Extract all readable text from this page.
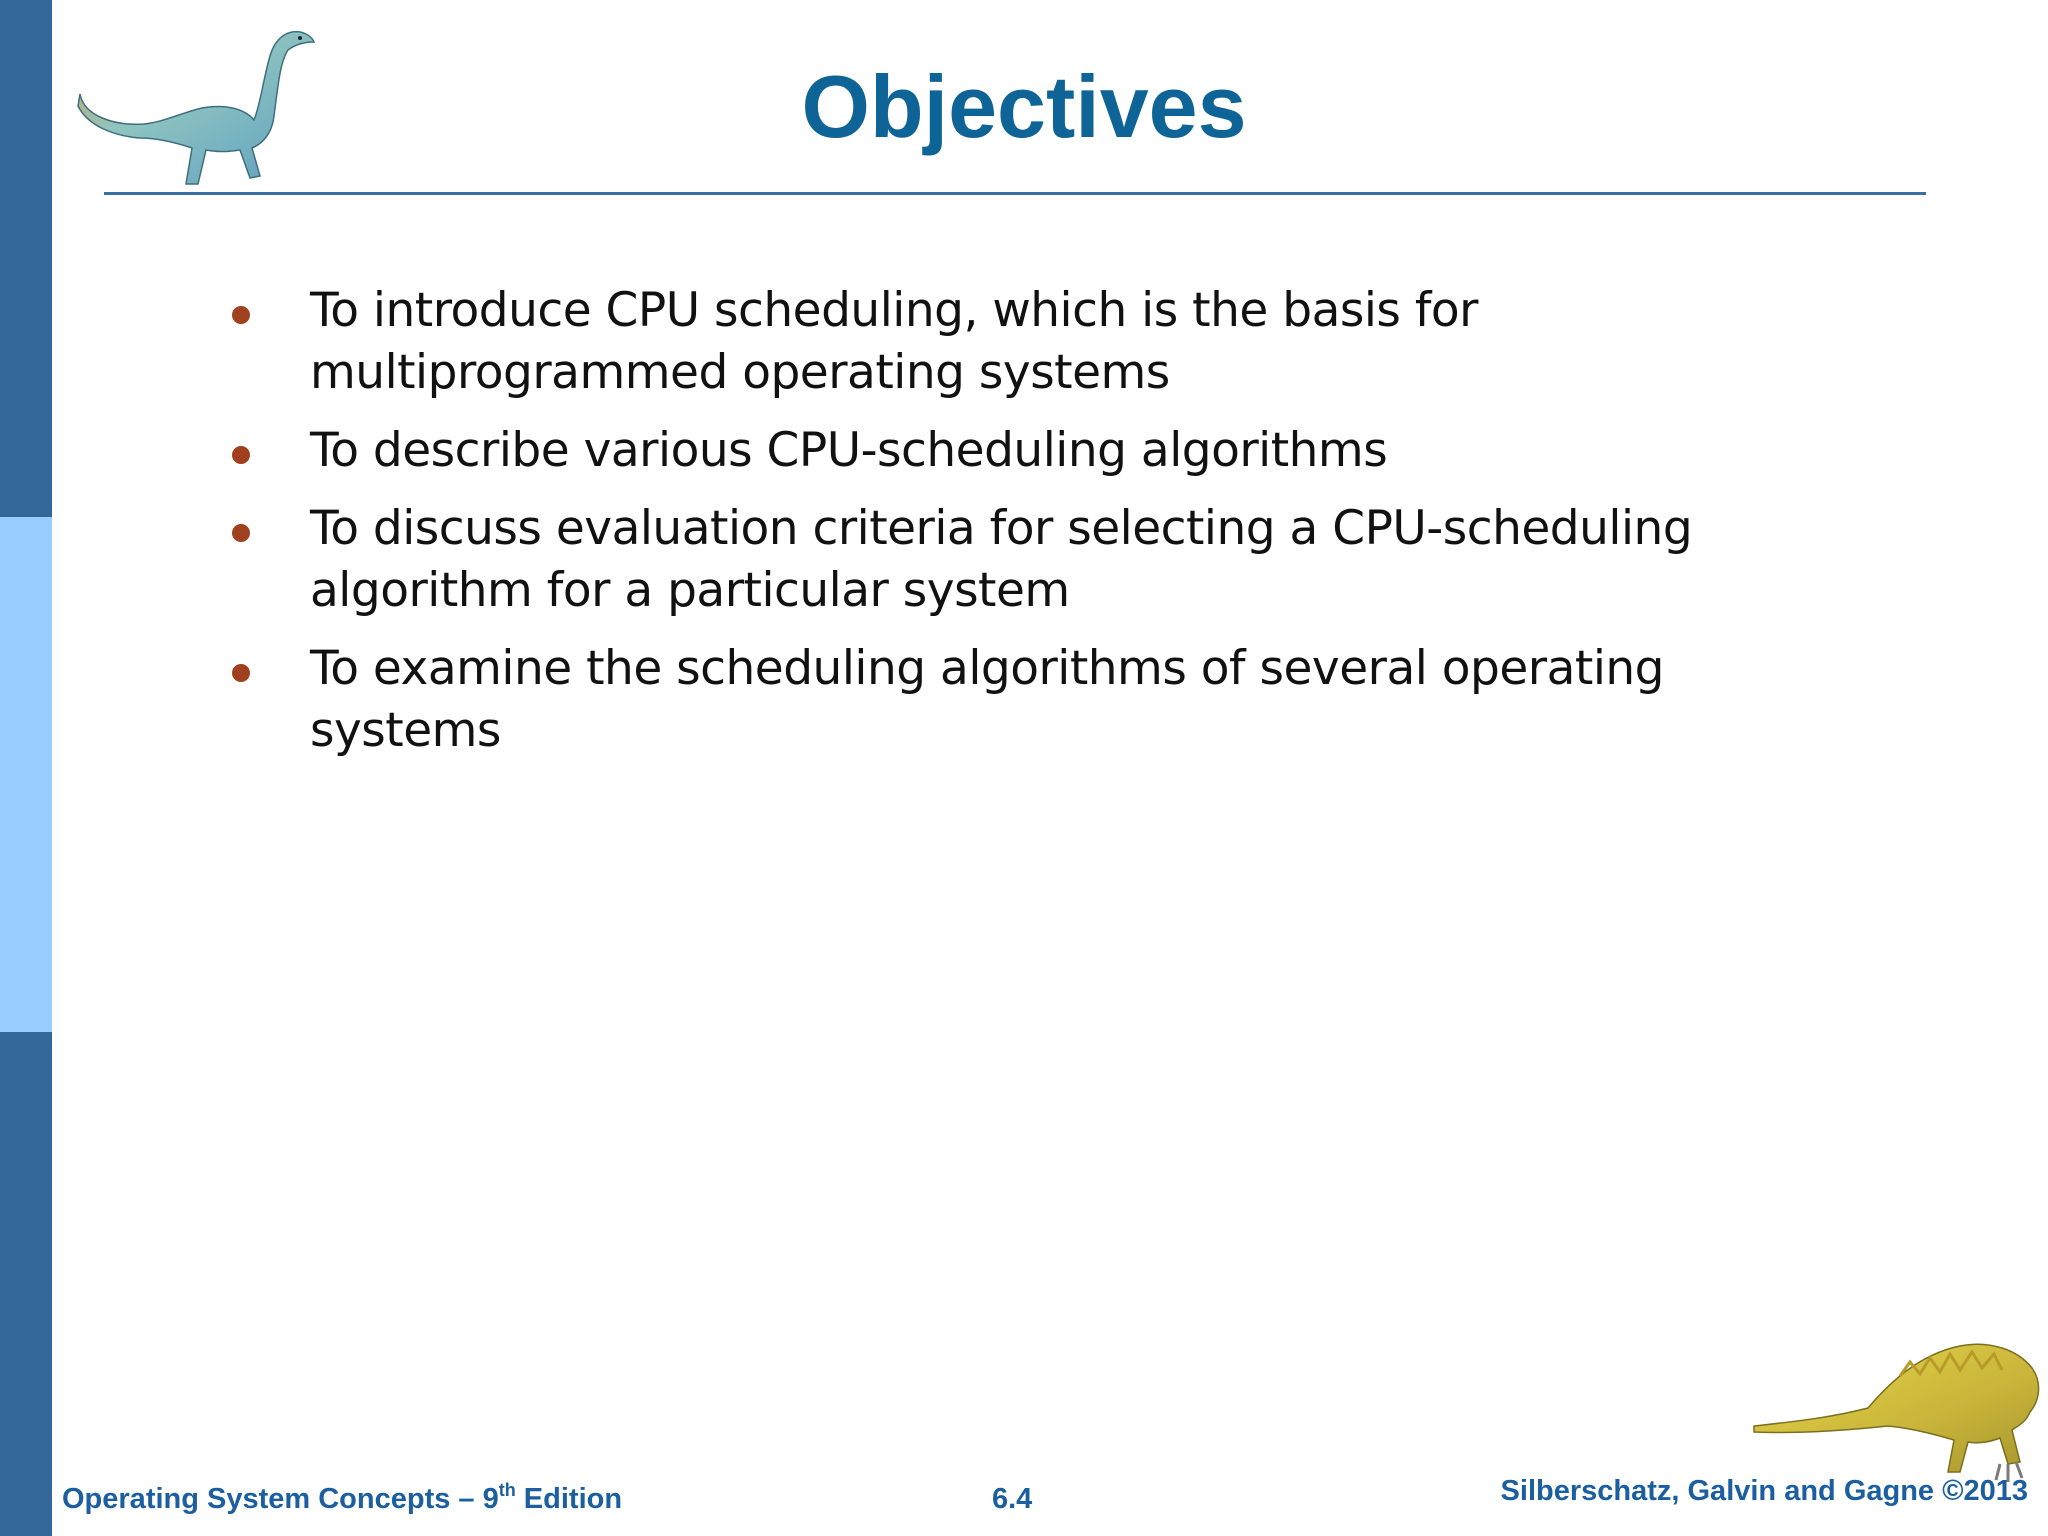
Objectives
To introduce CPU scheduling, which is the basis for multiprogrammed operating systems
To describe various CPU-scheduling algorithms
To discuss evaluation criteria for selecting a CPU-scheduling algorithm for a particular system
To examine the scheduling algorithms of several operating systems
Operating System Concepts – 9th Edition	6.4	Silberschatz, Galvin and Gagne ©2013
